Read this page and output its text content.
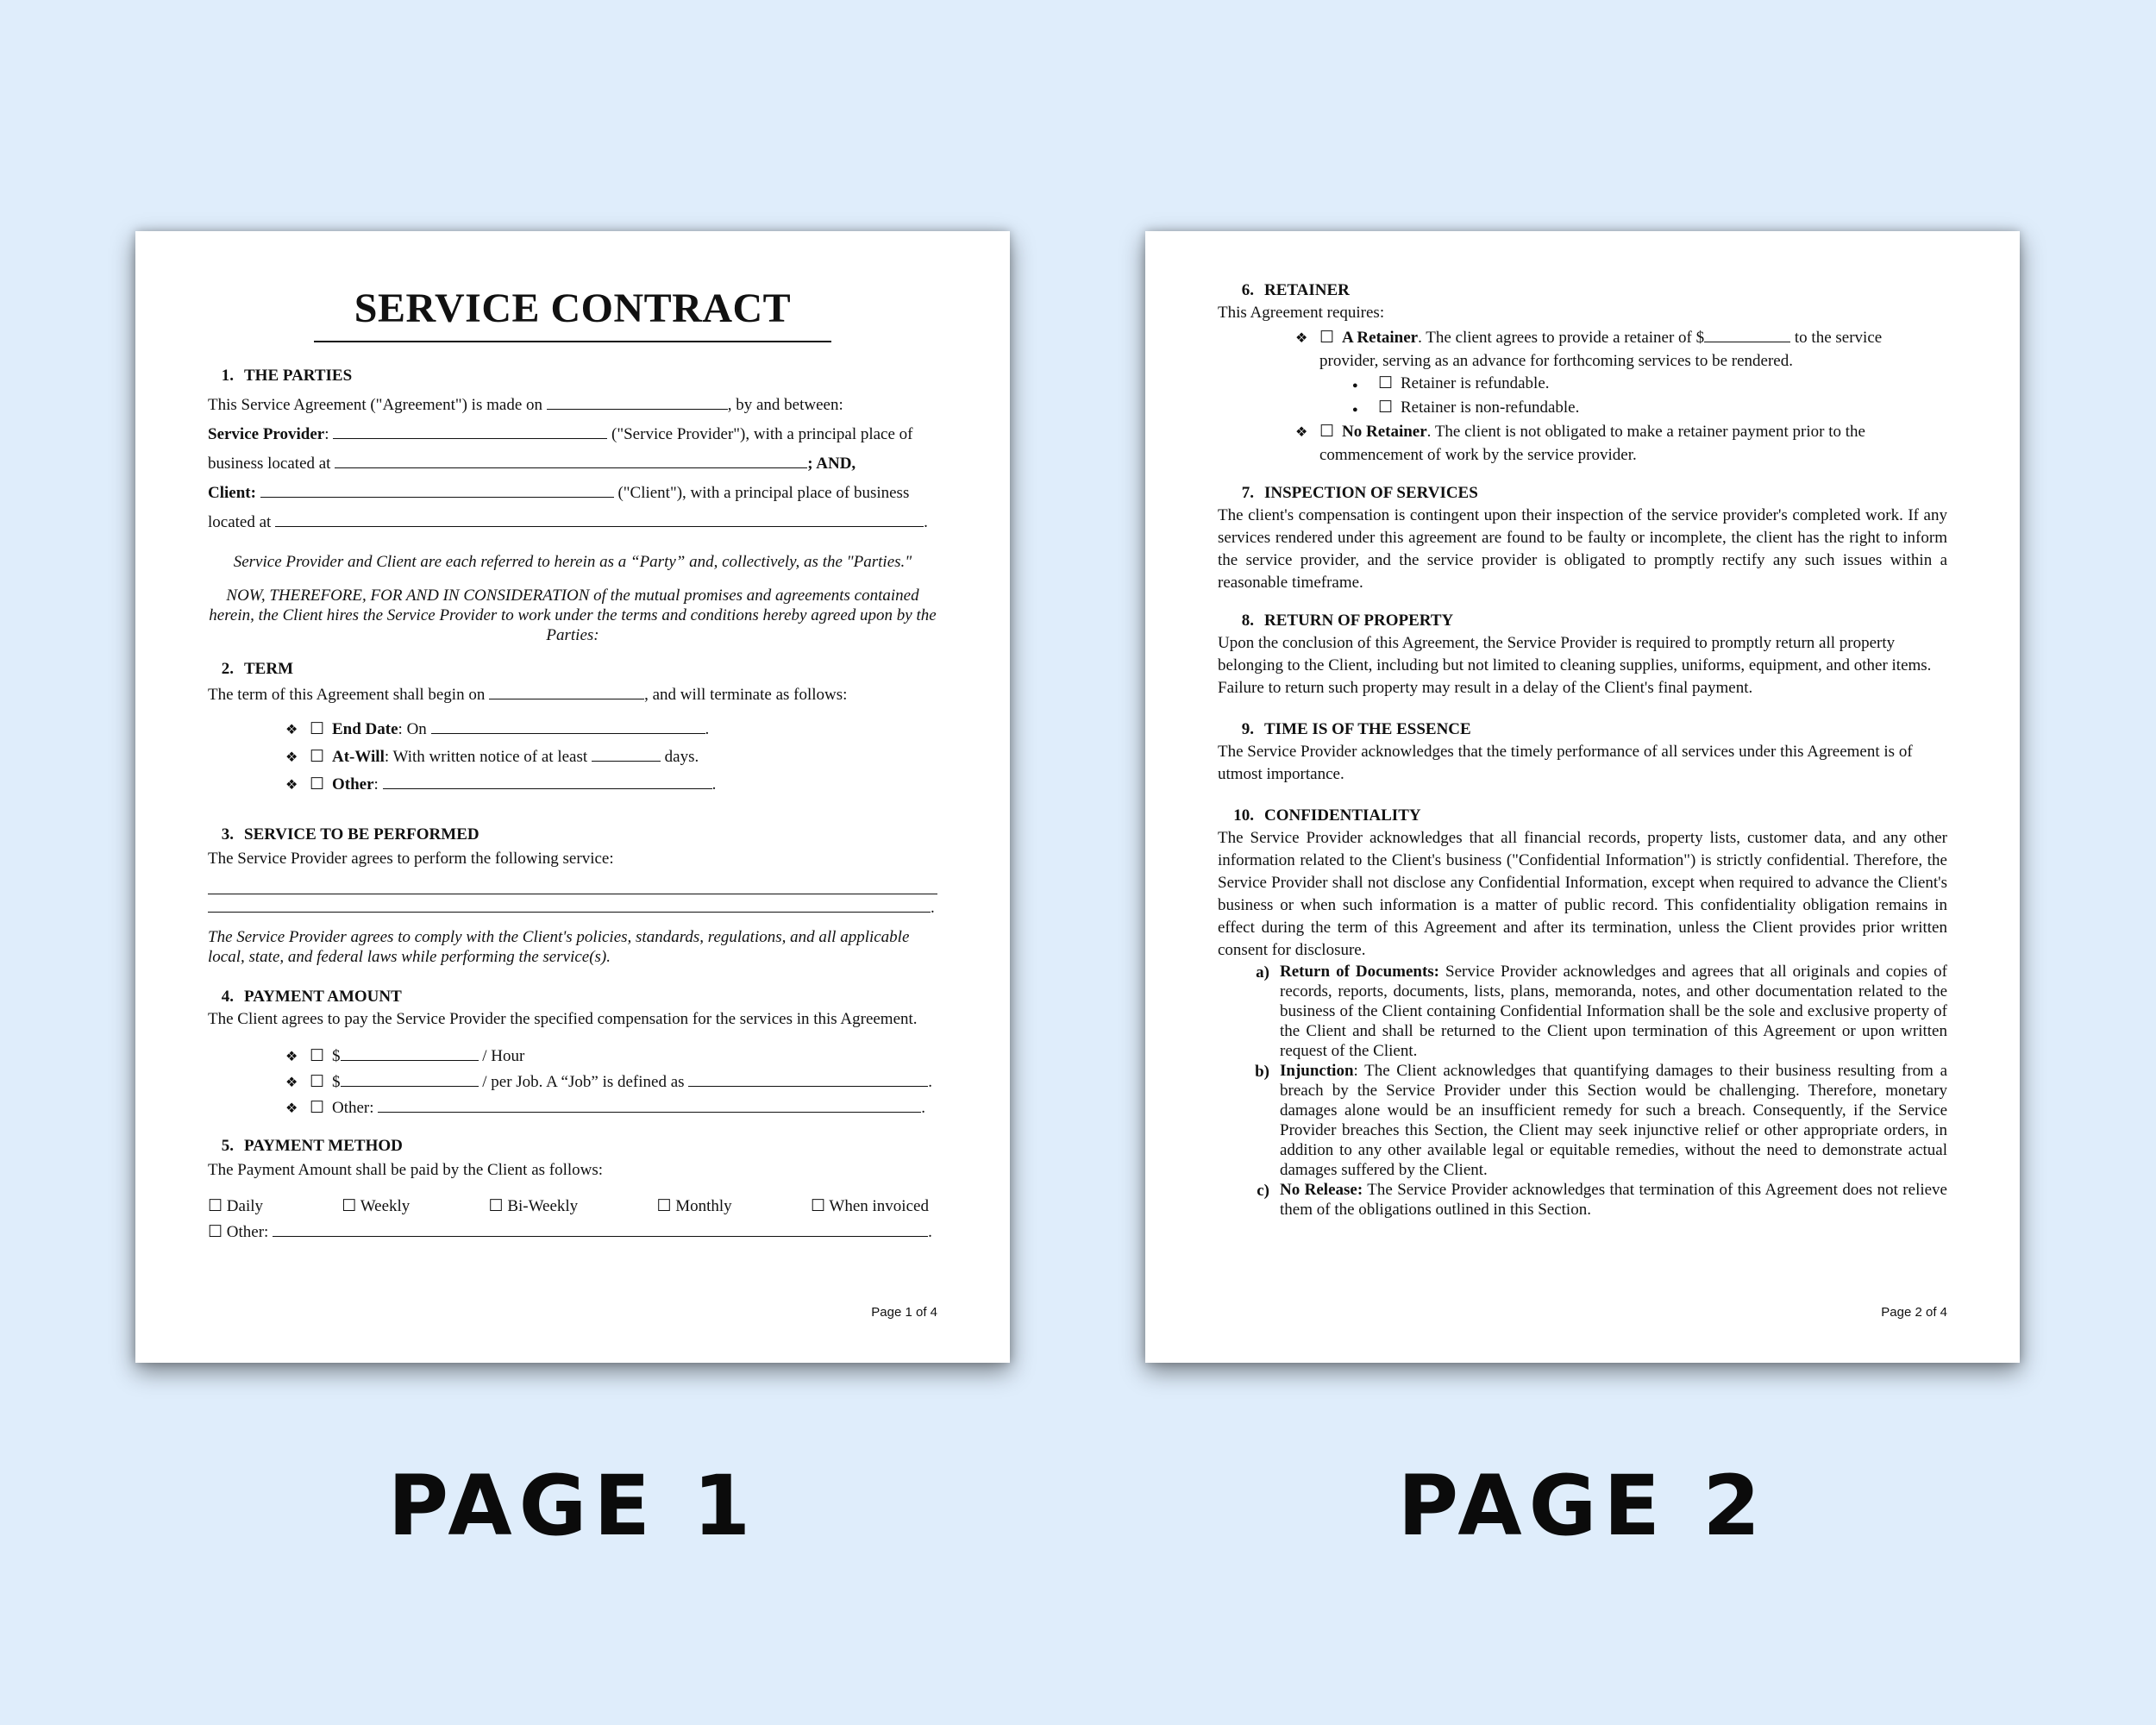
SERVICE CONTRACT
1. THE PARTIES
This Service Agreement ("Agreement") is made on	, by and between:
Service Provider:	("Service Provider"), with a principal place of
business located at	; AND,
Client:	("Client"), with a principal place of business
located at	.
Service Provider and Client are each referred to herein as a “Party” and, collectively, as the "Parties."
NOW, THEREFORE, FOR AND IN CONSIDERATION of the mutual promises and agreements contained herein, the Client hires the Service Provider to work under the terms and conditions hereby agreed upon by the Parties:
2. TERM
The term of this Agreement shall begin on	, and will terminate as follows:
❖ ☐ End Date: On	.
❖ ☐ At-Will: With written notice of at least	days.
❖ ☐ Other:	.
3. SERVICE TO BE PERFORMED
The Service Provider agrees to perform the following service:
.
The Service Provider agrees to comply with the Client's policies, standards, regulations, and all applicable local, state, and federal laws while performing the service(s).
4. PAYMENT AMOUNT
The Client agrees to pay the Service Provider the specified compensation for the services in this Agreement.
❖ ☐ $	/ Hour
❖ ☐ $	/ per Job. A “Job” is defined as	.
❖ ☐ Other:	.
5. PAYMENT METHOD
The Payment Amount shall be paid by the Client as follows:
☐ Daily	☐ Weekly	☐ Bi-Weekly	☐ Monthly	☐ When invoiced
☐ Other:	.
Page 1 of 4
6. RETAINER
This Agreement requires:
❖ ☐ A Retainer. The client agrees to provide a retainer of $	to the service
provider, serving as an advance for forthcoming services to be rendered.
●	☐ Retainer is refundable.
●	☐ Retainer is non-refundable.
❖ ☐ No Retainer. The client is not obligated to make a retainer payment prior to the
commencement of work by the service provider.
7. INSPECTION OF SERVICES
The client's compensation is contingent upon their inspection of the service provider's completed work. If any services rendered under this agreement are found to be faulty or incomplete, the client has the right to inform the service provider, and the service provider is obligated to promptly rectify any such issues within a reasonable timeframe.
8. RETURN OF PROPERTY
Upon the conclusion of this Agreement, the Service Provider is required to promptly return all property belonging to the Client, including but not limited to cleaning supplies, uniforms, equipment, and other items. Failure to return such property may result in a delay of the Client's final payment.
9. TIME IS OF THE ESSENCE
The Service Provider acknowledges that the timely performance of all services under this Agreement is of utmost importance.
10. CONFIDENTIALITY
The Service Provider acknowledges that all financial records, property lists, customer data, and any other information related to the Client's business ("Confidential Information") is strictly confidential. Therefore, the Service Provider shall not disclose any Confidential Information, except when required to advance the Client's business or when such information is a matter of public record. This confidentiality obligation remains in effect during the term of this Agreement and after its termination, unless the Client provides prior written consent for disclosure.
a) Return of Documents: Service Provider acknowledges and agrees that all originals and copies of records, reports, documents, lists, plans, memoranda, notes, and other documentation related to the business of the Client containing Confidential Information shall be the sole and exclusive property of the Client and shall be returned to the Client upon termination of this Agreement or upon written request of the Client.
b) Injunction: The Client acknowledges that quantifying damages to their business resulting from a breach by the Service Provider under this Section would be challenging. Therefore, monetary damages alone would be an insufficient remedy for such a breach. Consequently, if the Service Provider breaches this Section, the Client may seek injunctive relief or other appropriate orders, in addition to any other available legal or equitable remedies, without the need to demonstrate actual damages suffered by the Client.
c) No Release: The Service Provider acknowledges that termination of this Agreement does not relieve them of the obligations outlined in this Section.
Page 2 of 4
PAGE 1	PAGE 2
